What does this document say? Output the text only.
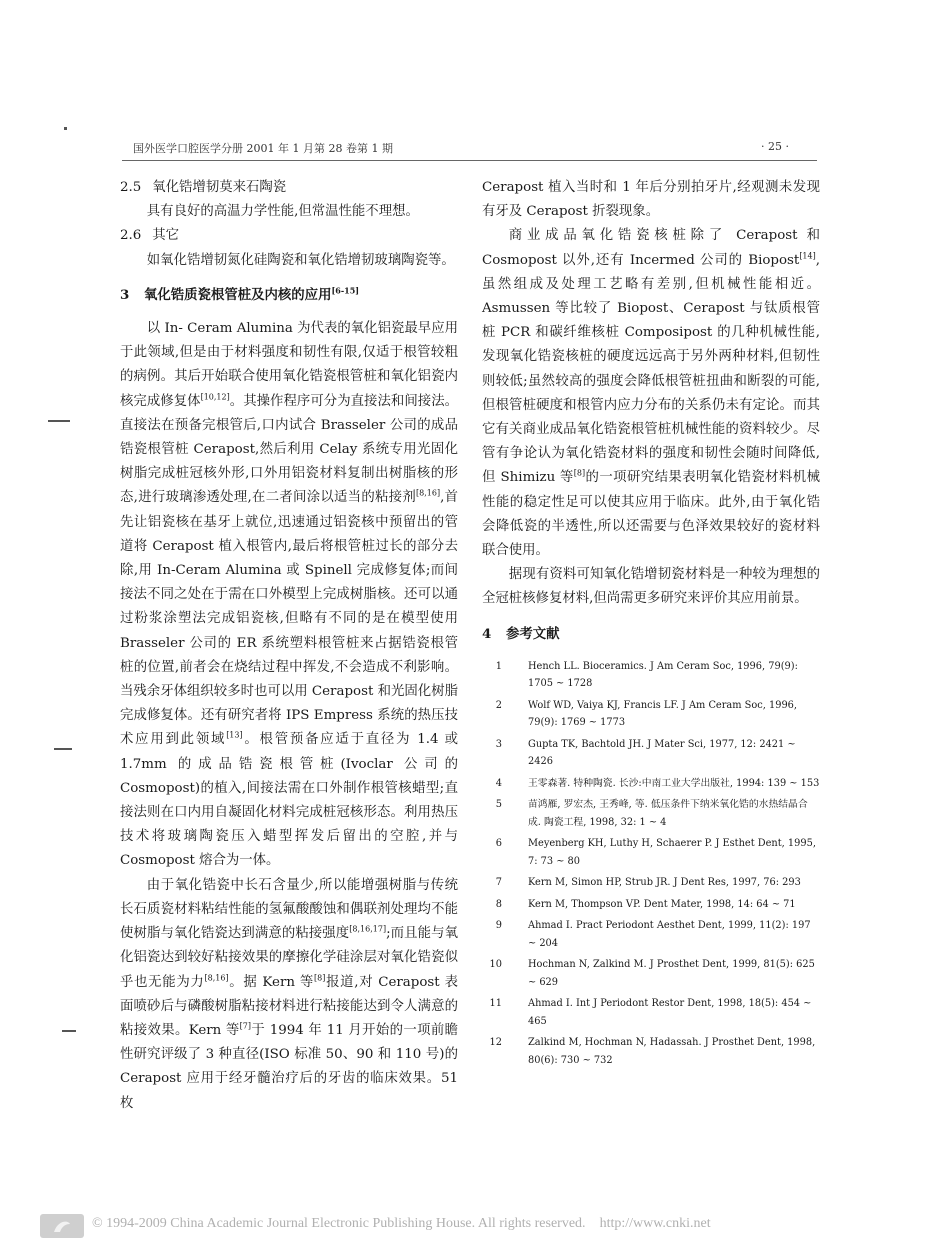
国外医学口腔医学分册 2001 年 1 月第 28 卷第 1 期	· 25 ·
2.5 氧化锆增韧莫来石陶瓷

具有良好的高温力学性能,但常温性能不理想。

2.6 其它

如氧化锆增韧氮化硅陶瓷和氧化锆增韧玻璃陶瓷等。

3 氧化锆质瓷根管桩及内核的应用[6-15]

以 In- Ceram Alumina 为代表的氧化铝瓷最早应用于此领域,但是由于材料强度和韧性有限,仅适于根管较粗的病例。其后开始联合使用氧化锆瓷根管桩和氧化铝瓷内核完成修复体[10,12]。其操作程序可分为直接法和间接法。直接法在预备完根管后,口内试合 Brasseler 公司的成品锆瓷根管桩 Cerapost,然后利用 Celay 系统专用光固化树脂完成桩冠核外形,口外用铝瓷材料复制出树脂核的形态,进行玻璃渗透处理,在二者间涂以适当的粘接剂[8,16],首先让铝瓷核在基牙上就位,迅速通过铝瓷核中预留出的管道将 Cerapost 植入根管内,最后将根管桩过长的部分去除,用 In-Ceram Alumina 或 Spinell 完成修复体;而间接法不同之处在于需在口外模型上完成树脂核。还可以通过粉浆涂塑法完成铝瓷核,但略有不同的是在模型使用 Brasseler 公司的 ER 系统塑料根管桩来占据锆瓷根管桩的位置,前者会在烧结过程中挥发,不会造成不利影响。当残余牙体组织较多时也可以用 Cerapost 和光固化树脂完成修复体。还有研究者将 IPS Empress 系统的热压技术应用到此领域[13]。根管预备应适于直径为 1.4 或 1.7mm 的成品锆瓷根管桩(Ivoclar 公司的 Cosmopost)的植入,间接法需在口外制作根管核蜡型;直接法则在口内用自凝固化材料完成桩冠核形态。利用热压技术将玻璃陶瓷压入蜡型挥发后留出的空腔,并与 Cosmopost 熔合为一体。

由于氧化锆瓷中长石含量少,所以能增强树脂与传统长石质瓷材料粘结性能的氢氟酸酸蚀和偶联剂处理均不能使树脂与氧化锆瓷达到满意的粘接强度[8,16,17];而且能与氧化铝瓷达到较好粘接效果的摩擦化学硅涂层对氧化锆瓷似乎也无能为力[8,16]。据 Kern 等[8]报道,对 Cerapost 表面喷砂后与磷酸树脂粘接材料进行粘接能达到令人满意的粘接效果。Kern 等[7]于 1994 年 11 月开始的一项前瞻性研究评级了 3 种直径(ISO 标准 50、90 和 110 号)的 Cerapost 应用于经牙髓治疗后的牙齿的临床效果。51 枚

Cerapost 植入当时和 1 年后分别拍牙片,经观测未发现有牙及 Cerapost 折裂现象。

商业成品氧化锆瓷核桩除了 Cerapost 和 Cosmopost 以外,还有 Incermed 公司的 Biopost[14],虽然组成及处理工艺略有差别,但机械性能相近。Asmussen 等比较了 Biopost、Cerapost 与钛质根管桩 PCR 和碳纤维核桩 Composipost 的几种机械性能,发现氧化锆瓷核桩的硬度远远高于另外两种材料,但韧性则较低;虽然较高的强度会降低根管桩扭曲和断裂的可能,但根管桩硬度和根管内应力分布的关系仍未有定论。而其它有关商业成品氧化锆瓷根管桩机械性能的资料较少。尽管有争论认为氧化锆瓷材料的强度和韧性会随时间降低,但 Shimizu 等[8]的一项研究结果表明氧化锆瓷材料机械性能的稳定性足可以使其应用于临床。此外,由于氧化锆会降低瓷的半透性,所以还需要与色泽效果较好的瓷材料联合使用。

据现有资料可知氧化锆增韧瓷材料是一种较为理想的全冠桩核修复材料,但尚需更多研究来评价其应用前景。

4 参考文献
1	Hench LL. Bioceramics. J Am Ceram Soc, 1996, 79(9): 1705 ~ 1728
2	Wolf WD, Vaiya KJ, Francis LF. J Am Ceram Soc, 1996, 79(9): 1769 ~ 1773
3	Gupta TK, Bachtold JH. J Mater Sci, 1977, 12: 2421 ~ 2426
4	王零森著. 特种陶瓷. 长沙:中南工业大学出版社, 1994: 139 ~ 153
5	苗鸿雁, 罗宏杰, 王秀峰, 等. 低压条件下纳米氧化锆的水热结晶合成. 陶瓷工程, 1998, 32: 1 ~ 4
6	Meyenberg KH, Luthy H, Schaerer P. J Esthet Dent, 1995, 7: 73 ~ 80
7	Kern M, Simon HP, Strub JR. J Dent Res, 1997, 76: 293
8	Kern M, Thompson VP. Dent Mater, 1998, 14: 64 ~ 71
9	Ahmad I. Pract Periodont Aesthet Dent, 1999, 11(2): 197 ~ 204
10	Hochman N, Zalkind M. J Prosthet Dent, 1999, 81(5): 625 ~ 629
11	Ahmad I. Int J Periodont Restor Dent, 1998, 18(5): 454 ~ 465
12	Zalkind M, Hochman N, Hadassah. J Prosthet Dent, 1998, 80(6): 730 ~ 732
© 1994-2009 China Academic Journal Electronic Publishing House. All rights reserved. http://www.cnki.net
